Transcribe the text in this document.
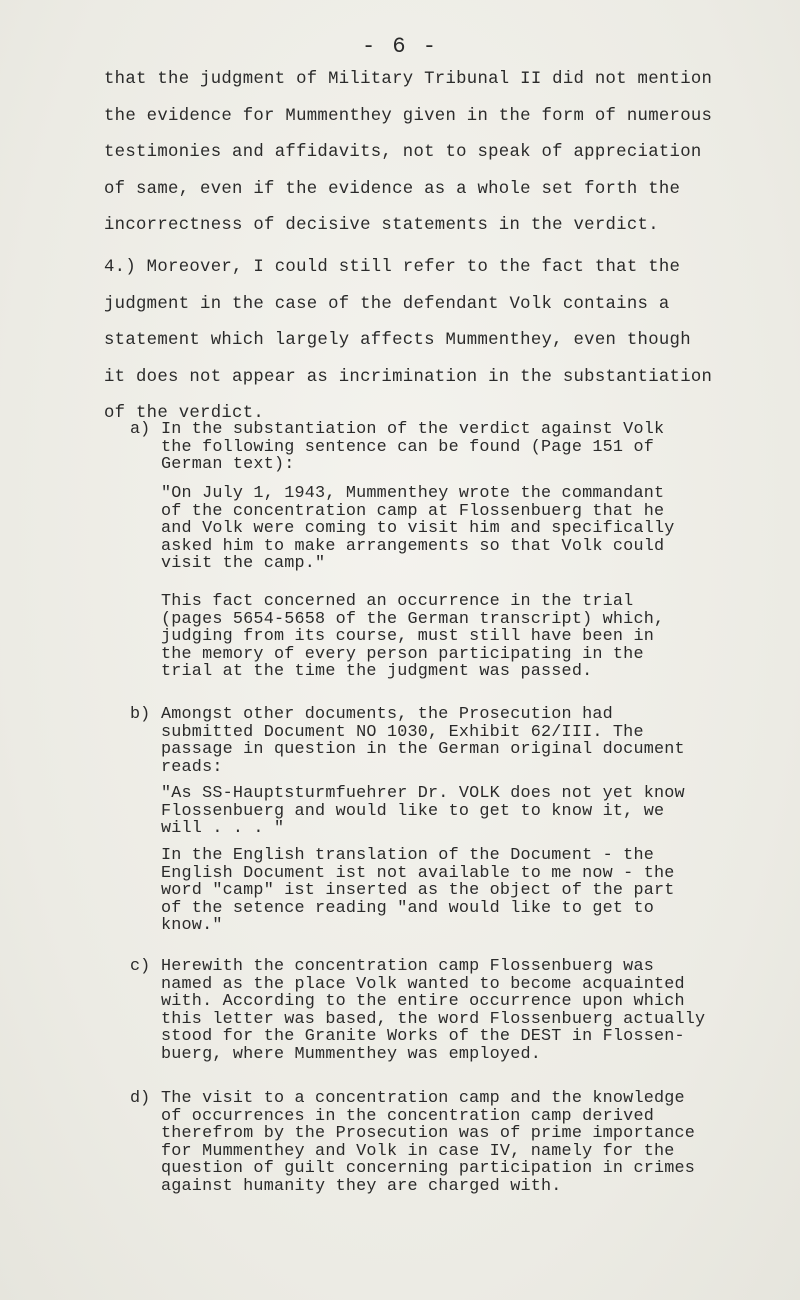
- 6 -
that the judgment of Military Tribunal II did not mention
the evidence for Mummenthey given in the form of numerous
testimonies and affidavits, not to speak of appreciation
of same, even if the evidence as a whole set forth the
incorrectness of decisive statements in the verdict.
4.) Moreover, I could still refer to the fact that the
judgment in the case of the defendant Volk contains a
statement which largely affects Mummenthey, even though
it does not appear as incrimination in the substantiation
of the verdict.
a) In the substantiation of the verdict against Volk
the following sentence can be found (Page 151 of
German text):
"On July 1, 1943, Mummenthey wrote the commandant
of the concentration camp at Flossenbuerg that he
and Volk were coming to visit him and specifically
asked him to make arrangements so that Volk could
visit the camp."
This fact concerned an occurrence in the trial
(pages 5654-5658 of the German transcript) which,
judging from its course, must still have been in
the memory of every person participating in the
trial at the time the judgment was passed.
b) Amongst other documents, the Prosecution had
submitted Document NO 1030, Exhibit 62/III. The
passage in question in the German original document
reads:
"As SS-Hauptsturmfuehrer Dr. VOLK does not yet know
Flossenbuerg and would like to get to know it, we
will . . . "
In the English translation of the Document - the
English Document ist not available to me now - the
word "camp" ist inserted as the object of the part
of the setence reading "and would like to get to
know."
c) Herewith the concentration camp Flossenbuerg was
named as the place Volk wanted to become acquainted
with. According to the entire occurrence upon which
this letter was based, the word Flossenbuerg actually
stood for the Granite Works of the DEST in Flossen-
buerg, where Mummenthey was employed.
d) The visit to a concentration camp and the knowledge
of occurrences in the concentration camp derived
therefrom by the Prosecution was of prime importance
for Mummenthey and Volk in case IV, namely for the
question of guilt concerning participation in crimes
against humanity they are charged with.
